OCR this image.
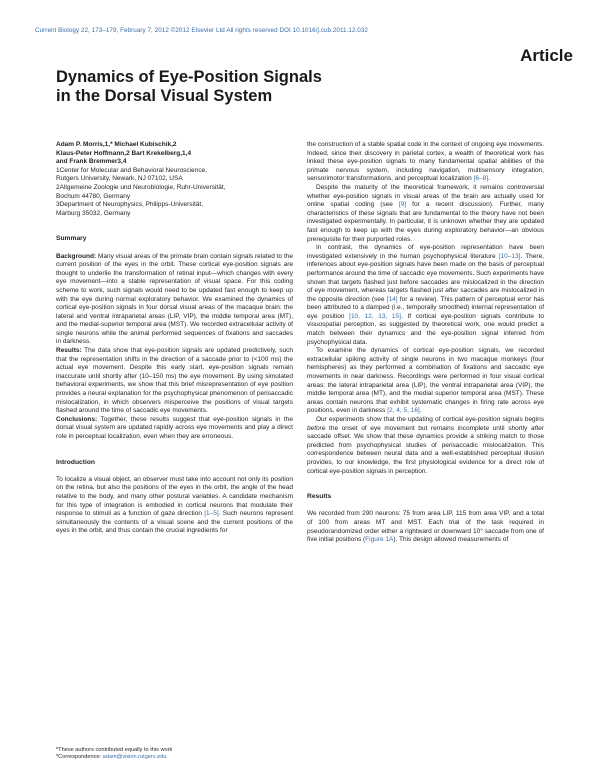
Current Biology 22, 173–179, February 7, 2012 ©2012 Elsevier Ltd All rights reserved DOI 10.1016/j.cub.2011.12.032
Article
Dynamics of Eye-Position Signals
in the Dorsal Visual System
Adam P. Morris,1,* Michael Kubischik,2
Klaus-Peter Hoffmann,2 Bart Krekelberg,1,4
and Frank Bremmer3,4
1Center for Molecular and Behavioral Neuroscience,
Rutgers University, Newark, NJ 07102, USA
2Allgemeine Zoologie und Neurobiologie, Ruhr-Universität,
Bochum 44780, Germany
3Department of Neurophysics, Philipps-Universität,
Marburg 35032, Germany
Summary

Background: Many visual areas of the primate brain contain signals related to the current position of the eyes in the orbit. These cortical eye-position signals are thought to underlie the transformation of retinal input—which changes with every eye movement—into a stable representation of visual space. For this coding scheme to work, such signals would need to be updated fast enough to keep up with the eye during normal exploratory behavior. We examined the dynamics of cortical eye-position signals in four dorsal visual areas of the macaque brain: the lateral and ventral intraparietal areas (LIP, VIP), the middle temporal area (MT), and the medial-superior temporal area (MST). We recorded extracellular activity of single neurons while the animal performed sequences of fixations and saccades in darkness.

Results: The data show that eye-position signals are updated predictively, such that the representation shifts in the direction of a saccade prior to (<100 ms) the actual eye movement. Despite this early start, eye-position signals remain inaccurate until shortly after (10–150 ms) the eye movement. By using simulated behavioral experiments, we show that this brief misrepresentation of eye position provides a neural explanation for the psychophysical phenomenon of perisaccadic mislocalization, in which observers misperceive the positions of visual targets flashed around the time of saccadic eye movements.

Conclusions: Together, these results suggest that eye-position signals in the dorsal visual system are updated rapidly across eye movements and play a direct role in perceptual localization, even when they are erroneous.

Introduction

To localize a visual object, an observer must take into account not only its position on the retina, but also the positions of the eyes in the orbit, the angle of the head relative to the body, and many other postural variables. A candidate mechanism for this type of integration is embodied in cortical neurons that modulate their response to stimuli as a function of gaze direction [1–5]. Such neurons represent simultaneously the contents of a visual scene and the current positions of the eyes in the orbit, and thus contain the crucial ingredients for

*These authors contributed equally to this work
*Correspondence: adam@vision.rutgers.edu

the construction of a stable spatial code in the context of ongoing eye movements. Indeed, since their discovery in parietal cortex, a wealth of theoretical work has linked these eye-position signals to many fundamental spatial abilities of the primate nervous system, including navigation, multisensory integration, sensorimotor transformations, and perceptual localization [6–8].

Despite the maturity of the theoretical framework, it remains controversial whether eye-position signals in visual areas of the brain are actually used for online spatial coding (see [9] for a recent discussion). Further, many characteristics of these signals that are fundamental to the theory have not been investigated experimentally. In particular, it is unknown whether they are updated fast enough to keep up with the eyes during exploratory behavior—an obvious prerequisite for their purported roles.

In contrast, the dynamics of eye-position representation have been investigated extensively in the human psychophysical literature [10–13]. There, inferences about eye-position signals have been made on the basis of perceptual performance around the time of saccadic eye movements. Such experiments have shown that targets flashed just before saccades are mislocalized in the direction of eye movement, whereas targets flashed just after saccades are mislocalized in the opposite direction (see [14] for a review). This pattern of perceptual error has been attributed to a damped (i.e., temporally smoothed) internal representation of eye position [10, 12, 13, 15]. If cortical eye-position signals contribute to visuospatial perception, as suggested by theoretical work, one would predict a match between their dynamics and the eye-position signal inferred from psychophysical data.

To examine the dynamics of cortical eye-position signals, we recorded extracellular spiking activity of single neurons in two macaque monkeys (four hemispheres) as they performed a combination of fixations and saccadic eye movements in near darkness. Recordings were performed in four visual cortical areas: the lateral intraparietal area (LIP), the ventral intraparietal area (VIP), the middle temporal area (MT), and the medial superior temporal area (MST). These areas contain neurons that exhibit systematic changes in firing rate across eye positions, even in darkness [2, 4, 5, 16].

Our experiments show that the updating of cortical eye-position signals begins before the onset of eye movement but remains incomplete until shortly after saccade offset. We show that these dynamics provide a striking match to those predicted from psychophysical studies of perisaccadic mislocalization. This correspondence between neural data and a well-established perceptual illusion provides, to our knowledge, the first physiological evidence for a direct role of cortical eye-position signals in perception.

Results

We recorded from 290 neurons: 75 from area LIP, 115 from area VIP, and a total of 100 from areas MT and MST. Each trial of the task required in pseudorandomized order either a rightward or downward 10° saccade from one of five initial positions (Figure 1A). This design allowed measurements of
